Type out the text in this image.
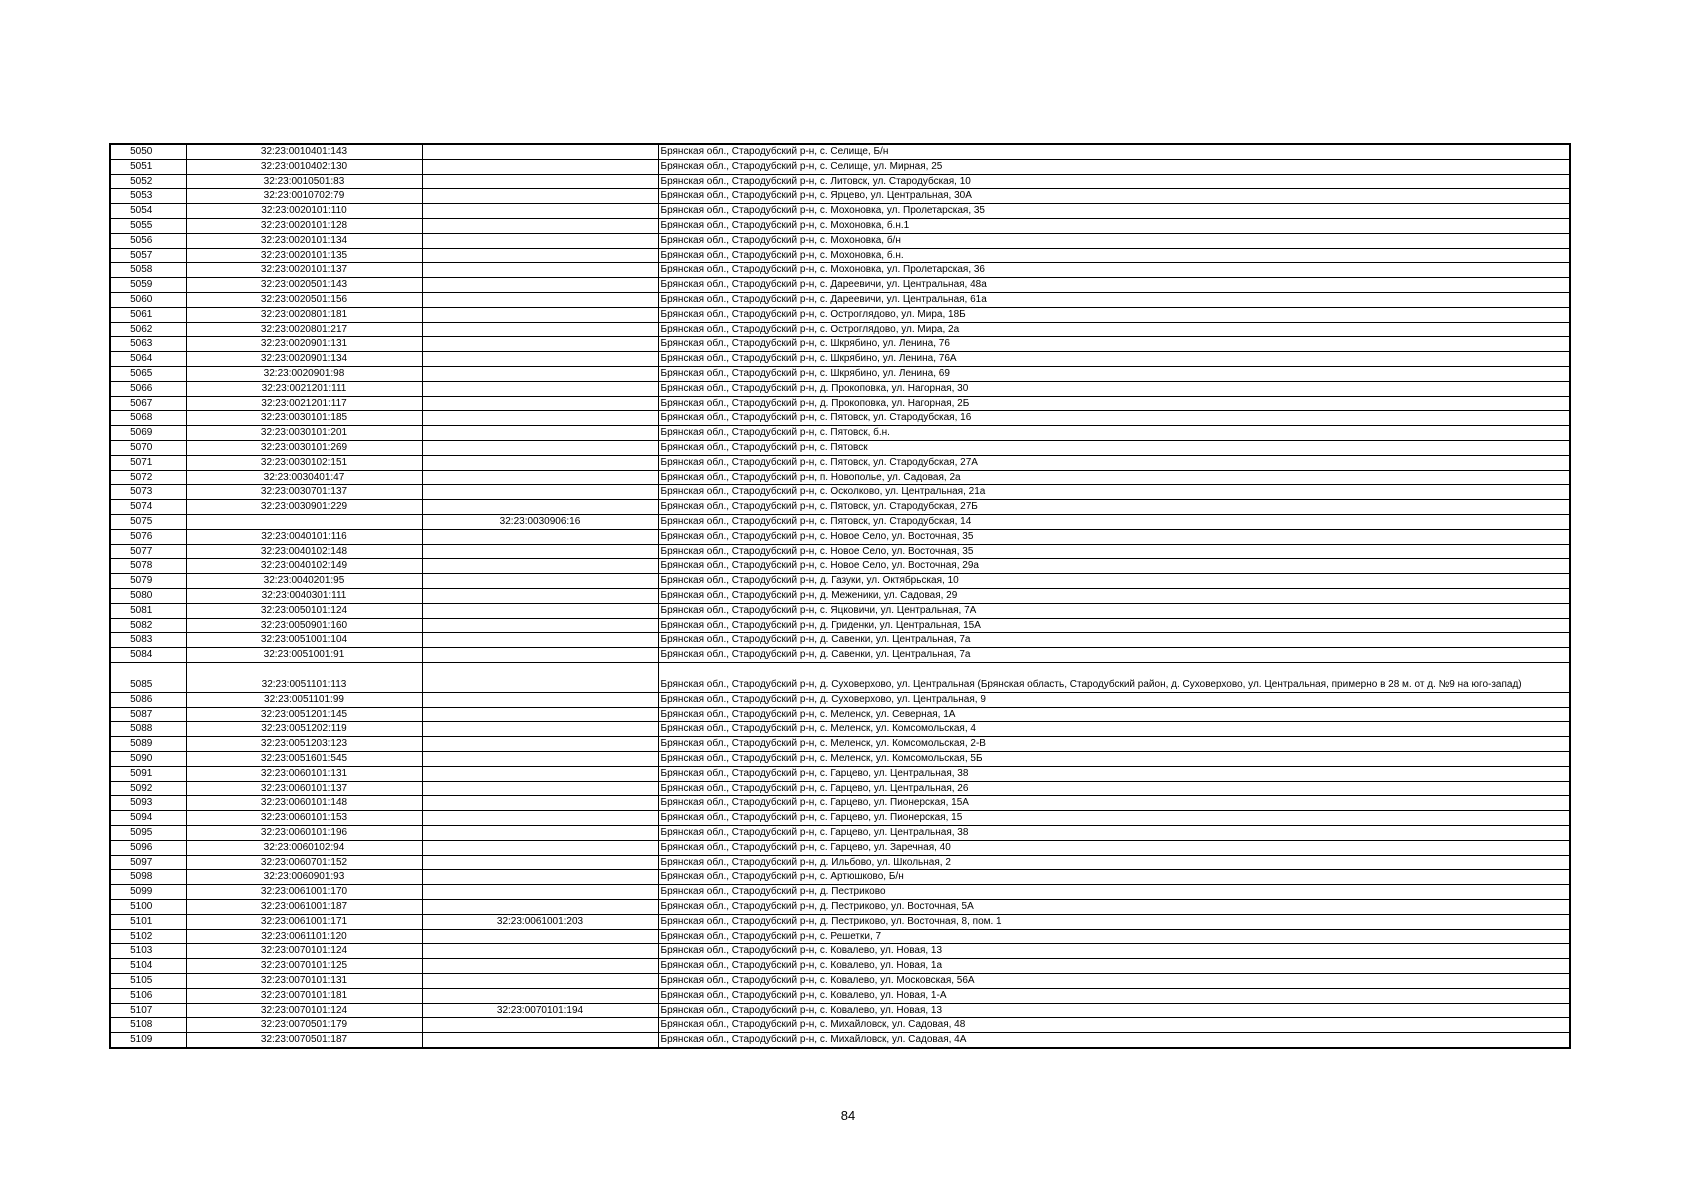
5050	32:23:0010401:143		Брянская обл., Стародубский р-н, с. Селище, Б/н
5051	32:23:0010402:130		Брянская обл., Стародубский р-н, с. Селище, ул. Мирная, 25
5052	32:23:0010501:83		Брянская обл., Стародубский р-н, с. Литовск, ул. Стародубская, 10
5053	32:23:0010702:79		Брянская обл., Стародубский р-н, с. Ярцево, ул. Центральная, 30А
5054	32:23:0020101:110		Брянская обл., Стародубский р-н, с. Мохоновка, ул. Пролетарская, 35
5055	32:23:0020101:128		Брянская обл., Стародубский р-н, с. Мохоновка, б.н.1
5056	32:23:0020101:134		Брянская обл., Стародубский р-н, с. Мохоновка, б/н
5057	32:23:0020101:135		Брянская обл., Стародубский р-н, с. Мохоновка, б.н.
5058	32:23:0020101:137		Брянская обл., Стародубский р-н, с. Мохоновка, ул. Пролетарская, 36
5059	32:23:0020501:143		Брянская обл., Стародубский р-н, с. Дареевичи, ул. Центральная, 48а
5060	32:23:0020501:156		Брянская обл., Стародубский р-н, с. Дареевичи, ул. Центральная, 61а
5061	32:23:0020801:181		Брянская обл., Стародубский р-н, с. Остроглядово, ул. Мира, 18Б
5062	32:23:0020801:217		Брянская обл., Стародубский р-н, с. Остроглядово, ул. Мира, 2а
5063	32:23:0020901:131		Брянская обл., Стародубский р-н, с. Шкрябино, ул. Ленина, 76
5064	32:23:0020901:134		Брянская обл., Стародубский р-н, с. Шкрябино, ул. Ленина, 76А
5065	32:23:0020901:98		Брянская обл., Стародубский р-н, с. Шкрябино, ул. Ленина, 69
5066	32:23:0021201:111		Брянская обл., Стародубский р-н, д. Прокоповка, ул. Нагорная, 30
5067	32:23:0021201:117		Брянская обл., Стародубский р-н, д. Прокоповка, ул. Нагорная, 2Б
5068	32:23:0030101:185		Брянская обл., Стародубский р-н, с. Пятовск, ул. Стародубская, 16
5069	32:23:0030101:201		Брянская обл., Стародубский р-н, с. Пятовск, б.н.
5070	32:23:0030101:269		Брянская обл., Стародубский р-н, с. Пятовск
5071	32:23:0030102:151		Брянская обл., Стародубский р-н, с. Пятовск, ул. Стародубская, 27А
5072	32:23:0030401:47		Брянская обл., Стародубский р-н, п. Новополье, ул. Садовая, 2а
5073	32:23:0030701:137		Брянская обл., Стародубский р-н, с. Осколково, ул. Центральная, 21а
5074	32:23:0030901:229		Брянская обл., Стародубский р-н, с. Пятовск, ул. Стародубская, 27Б
5075		32:23:0030906:16	Брянская обл., Стародубский р-н, с. Пятовск, ул. Стародубская, 14
5076	32:23:0040101:116		Брянская обл., Стародубский р-н, с. Новое Село, ул. Восточная, 35
5077	32:23:0040102:148		Брянская обл., Стародубский р-н, с. Новое Село, ул. Восточная, 35
5078	32:23:0040102:149		Брянская обл., Стародубский р-н, с. Новое Село, ул. Восточная, 29а
5079	32:23:0040201:95		Брянская обл., Стародубский р-н, д. Газуки, ул. Октябрьская, 10
5080	32:23:0040301:111		Брянская обл., Стародубский р-н, д. Меженики, ул. Садовая, 29
5081	32:23:0050101:124		Брянская обл., Стародубский р-н, с. Яцковичи, ул. Центральная, 7А
5082	32:23:0050901:160		Брянская обл., Стародубский р-н, д. Гриденки, ул. Центральная, 15А
5083	32:23:0051001:104		Брянская обл., Стародубский р-н, д. Савенки, ул. Центральная, 7а
5084	32:23:0051001:91		Брянская обл., Стародубский р-н, д. Савенки, ул. Центральная, 7а
5085	32:23:0051101:113		Брянская обл., Стародубский р-н, д. Суховерхово, ул. Центральная (Брянская область, Стародубский район, д. Суховерхово, ул. Центральная, примерно в 28 м. от д. №9 на юго-запад)
5086	32:23:0051101:99		Брянская обл., Стародубский р-н, д. Суховерхово, ул. Центральная, 9
5087	32:23:0051201:145		Брянская обл., Стародубский р-н, с. Меленск, ул. Северная, 1А
5088	32:23:0051202:119		Брянская обл., Стародубский р-н, с. Меленск, ул. Комсомольская, 4
5089	32:23:0051203:123		Брянская обл., Стародубский р-н, с. Меленск, ул. Комсомольская, 2-В
5090	32:23:0051601:545		Брянская обл., Стародубский р-н, с. Меленск, ул. Комсомольская, 5Б
5091	32:23:0060101:131		Брянская обл., Стародубский р-н, с. Гарцево, ул. Центральная, 38
5092	32:23:0060101:137		Брянская обл., Стародубский р-н, с. Гарцево, ул. Центральная, 26
5093	32:23:0060101:148		Брянская обл., Стародубский р-н, с. Гарцево, ул. Пионерская, 15А
5094	32:23:0060101:153		Брянская обл., Стародубский р-н, с. Гарцево, ул. Пионерская, 15
5095	32:23:0060101:196		Брянская обл., Стародубский р-н, с. Гарцево, ул. Центральная, 38
5096	32:23:0060102:94		Брянская обл., Стародубский р-н, с. Гарцево, ул. Заречная, 40
5097	32:23:0060701:152		Брянская обл., Стародубский р-н, д. Ильбово, ул. Школьная, 2
5098	32:23:0060901:93		Брянская обл., Стародубский р-н, с. Артюшково, Б/н
5099	32:23:0061001:170		Брянская обл., Стародубский р-н, д. Пестриково
5100	32:23:0061001:187		Брянская обл., Стародубский р-н, д. Пестриково, ул. Восточная, 5А
5101	32:23:0061001:171	32:23:0061001:203	Брянская обл., Стародубский р-н, д. Пестриково, ул. Восточная, 8, пом. 1
5102	32:23:0061101:120		Брянская обл., Стародубский р-н, с. Решетки, 7
5103	32:23:0070101:124		Брянская обл., Стародубский р-н, с. Ковалево, ул. Новая, 13
5104	32:23:0070101:125		Брянская обл., Стародубский р-н, с. Ковалево, ул. Новая, 1а
5105	32:23:0070101:131		Брянская обл., Стародубский р-н, с. Ковалево, ул. Московская, 56А
5106	32:23:0070101:181		Брянская обл., Стародубский р-н, с. Ковалево, ул. Новая, 1-А
5107	32:23:0070101:124	32:23:0070101:194	Брянская обл., Стародубский р-н, с. Ковалево, ул. Новая, 13
5108	32:23:0070501:179		Брянская обл., Стародубский р-н, с. Михайловск, ул. Садовая, 48
5109	32:23:0070501:187		Брянская обл., Стародубский р-н, с. Михайловск, ул. Садовая, 4А
84
